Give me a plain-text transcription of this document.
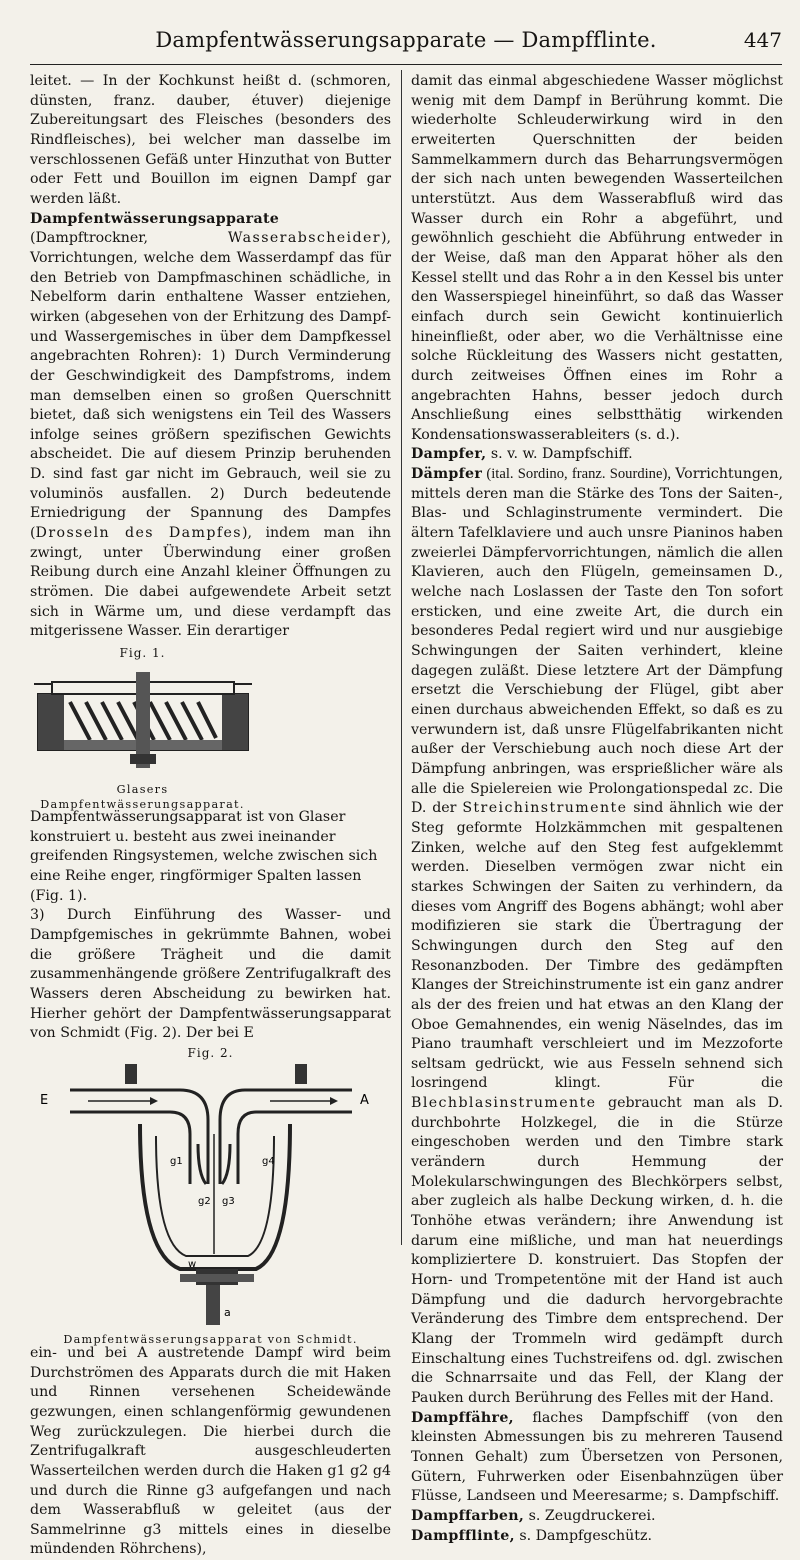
Dampfentwässerungsapparate — Dampfflinte.	447

leitet. — In der Kochkunst heißt d. (schmoren, dünsten, franz. dauber, étuver) diejenige Zubereitungsart des Fleisches (besonders des Rindfleisches), bei welcher man dasselbe im verschlossenen Gefäß unter Hinzuthat von Butter oder Fett und Bouillon im eignen Dampf gar werden läßt.

Dampfentwässerungsapparate (Dampftrockner, Wasserabscheider), Vorrichtungen, welche dem Wasserdampf das für den Betrieb von Dampfmaschinen schädliche, in Nebelform darin enthaltene Wasser entziehen, wirken (abgesehen von der Erhitzung des Dampf- und Wassergemisches in über dem Dampfkessel angebrachten Rohren): 1) Durch Verminderung der Geschwindigkeit des Dampfstroms, indem man demselben einen so großen Querschnitt bietet, daß sich wenigstens ein Teil des Wassers infolge seines größern spezifischen Gewichts abscheidet. Die auf diesem Prinzip beruhenden D. sind fast gar nicht im Gebrauch, weil sie zu voluminös ausfallen. 2) Durch bedeutende Erniedrigung der Spannung des Dampfes (Drosseln des Dampfes), indem man ihn zwingt, unter Überwindung einer großen Reibung durch eine Anzahl kleiner Öffnungen zu strömen. Die dabei aufgewendete Arbeit setzt sich in Wärme um, und diese verdampft das mitgerissene Wasser. Ein derartiger

Fig. 1.
Glasers Dampfentwässerungsapparat.

Dampfentwässerungsapparat ist von Glaser konstruiert u. besteht aus zwei ineinander greifenden Ringsystemen, welche zwischen sich eine Reihe enger, ringförmiger Spalten lassen (Fig. 1).

3) Durch Einführung des Wasser- und Dampfgemisches in gekrümmte Bahnen, wobei die größere Trägheit und die damit zusammenhängende größere Zentrifugalkraft des Wassers deren Abscheidung zu bewirken hat. Hierher gehört der Dampfentwässerungsapparat von Schmidt (Fig. 2). Der bei E

Fig. 2.
E	A
g1
g2 g3
g4
w
a
Dampfentwässerungsapparat von Schmidt.

ein- und bei A austretende Dampf wird beim Durchströmen des Apparats durch die mit Haken und Rinnen versehenen Scheidewände gezwungen, einen schlangenförmig gewundenen Weg zurückzulegen. Die hierbei durch die Zentrifugalkraft ausgeschleuderten Wasserteilchen werden durch die Haken g1 g2 g4 und durch die Rinne g3 aufgefangen und nach dem Wasserabfluß w geleitet (aus der Sammelrinne g3 mittels eines in dieselbe mündenden Röhrchens),

damit das einmal abgeschiedene Wasser möglichst wenig mit dem Dampf in Berührung kommt. Die wiederholte Schleuderwirkung wird in den erweiterten Querschnitten der beiden Sammelkammern durch das Beharrungsvermögen der sich nach unten bewegenden Wasserteilchen unterstützt. Aus dem Wasserabfluß wird das Wasser durch ein Rohr a abgeführt, und gewöhnlich geschieht die Abführung entweder in der Weise, daß man den Apparat höher als den Kessel stellt und das Rohr a in den Kessel bis unter den Wasserspiegel hineinführt, so daß das Wasser einfach durch sein Gewicht kontinuierlich hineinfließt, oder aber, wo die Verhältnisse eine solche Rückleitung des Wassers nicht gestatten, durch zeitweises Öffnen eines im Rohr a angebrachten Hahns, besser jedoch durch Anschließung eines selbstthätig wirkenden Kondensationswasserableiters (s. d.).

Dampfer, s. v. w. Dampfschiff.

Dämpfer (ital. Sordino, franz. Sourdine), Vorrichtungen, mittels deren man die Stärke des Tons der Saiten-, Blas- und Schlaginstrumente vermindert. Die ältern Tafelklaviere und auch unsre Pianinos haben zweierlei Dämpfervorrichtungen, nämlich die allen Klavieren, auch den Flügeln, gemeinsamen D., welche nach Loslassen der Taste den Ton sofort ersticken, und eine zweite Art, die durch ein besonderes Pedal regiert wird und nur ausgiebige Schwingungen der Saiten verhindert, kleine dagegen zuläßt. Diese letztere Art der Dämpfung ersetzt die Verschiebung der Flügel, gibt aber einen durchaus abweichenden Effekt, so daß es zu verwundern ist, daß unsre Flügelfabrikanten nicht außer der Verschiebung auch noch diese Art der Dämpfung anbringen, was ersprießlicher wäre als alle die Spielereien wie Prolongationspedal zc. Die D. der Streichinstrumente sind ähnlich wie der Steg geformte Holzkämmchen mit gespaltenen Zinken, welche auf den Steg fest aufgeklemmt werden. Dieselben vermögen zwar nicht ein starkes Schwingen der Saiten zu verhindern, da dieses vom Angriff des Bogens abhängt; wohl aber modifizieren sie stark die Übertragung der Schwingungen durch den Steg auf den Resonanzboden. Der Timbre des gedämpften Klanges der Streichinstrumente ist ein ganz andrer als der des freien und hat etwas an den Klang der Oboe Gemahnendes, ein wenig Näselndes, das im Piano traumhaft verschleiert und im Mezzoforte seltsam gedrückt, wie aus Fesseln sehnend sich losringend klingt. Für die Blechblasinstrumente gebraucht man als D. durchbohrte Holzkegel, die in die Stürze eingeschoben werden und den Timbre stark verändern durch Hemmung der Molekularschwingungen des Blechkörpers selbst, aber zugleich als halbe Deckung wirken, d. h. die Tonhöhe etwas verändern; ihre Anwendung ist darum eine mißliche, und man hat neuerdings kompliziertere D. konstruiert. Das Stopfen der Horn- und Trompetentöne mit der Hand ist auch Dämpfung und die dadurch hervorgebrachte Veränderung des Timbre dem entsprechend. Der Klang der Trommeln wird gedämpft durch Einschaltung eines Tuchstreifens od. dgl. zwischen die Schnarrsaite und das Fell, der Klang der Pauken durch Berührung des Felles mit der Hand.

Dampffähre, flaches Dampfschiff (von den kleinsten Abmessungen bis zu mehreren Tausend Tonnen Gehalt) zum Übersetzen von Personen, Gütern, Fuhrwerken oder Eisenbahnzügen über Flüsse, Landseen und Meeresarme; s. Dampfschiff.

Dampffarben, s. Zeugdruckerei.

Dampfflinte, s. Dampfgeschütz.
